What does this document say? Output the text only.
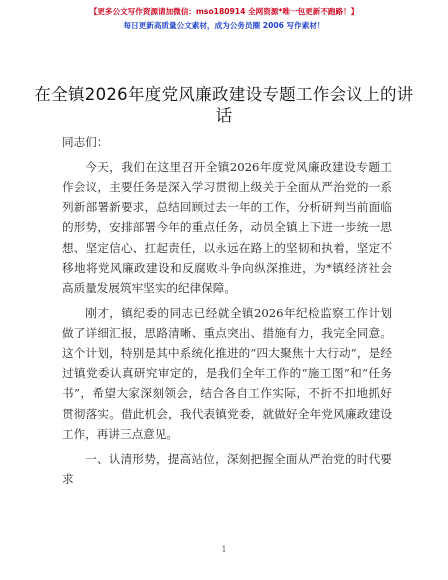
【更多公文写作资源请加微信：mso180914 全网资源*唯一包更新不跑路！】
每日更新高质量公文素材，成为公务员圈 2006 写作素材！
在全镇2026年度党风廉政建设专题工作会议上的讲话

同志们：

今天，我们在这里召开全镇2026年度党风廉政建设专题工作会议，主要任务是深入学习贯彻上级关于全面从严治党的一系列新部署新要求，总结回顾过去一年的工作，分析研判当前面临的形势，安排部署今年的重点任务，动员全镇上下进一步统一思想、坚定信心、扛起责任，以永远在路上的坚韧和执着，坚定不移地将党风廉政建设和反腐败斗争向纵深推进，为*镇经济社会高质量发展筑牢坚实的纪律保障。

刚才，镇纪委的同志已经就全镇2026年纪检监察工作计划做了详细汇报，思路清晰、重点突出、措施有力，我完全同意。这个计划，特别是其中系统化推进的“四大聚焦十大行动”，是经过镇党委认真研究审定的，是我们全年工作的“施工图”和“任务书”，希望大家深刻领会，结合各自工作实际，不折不扣地抓好贯彻落实。借此机会，我代表镇党委，就做好全年党风廉政建设工作，再讲三点意见。

一、认清形势，提高站位，深刻把握全面从严治党的时代要求

1
